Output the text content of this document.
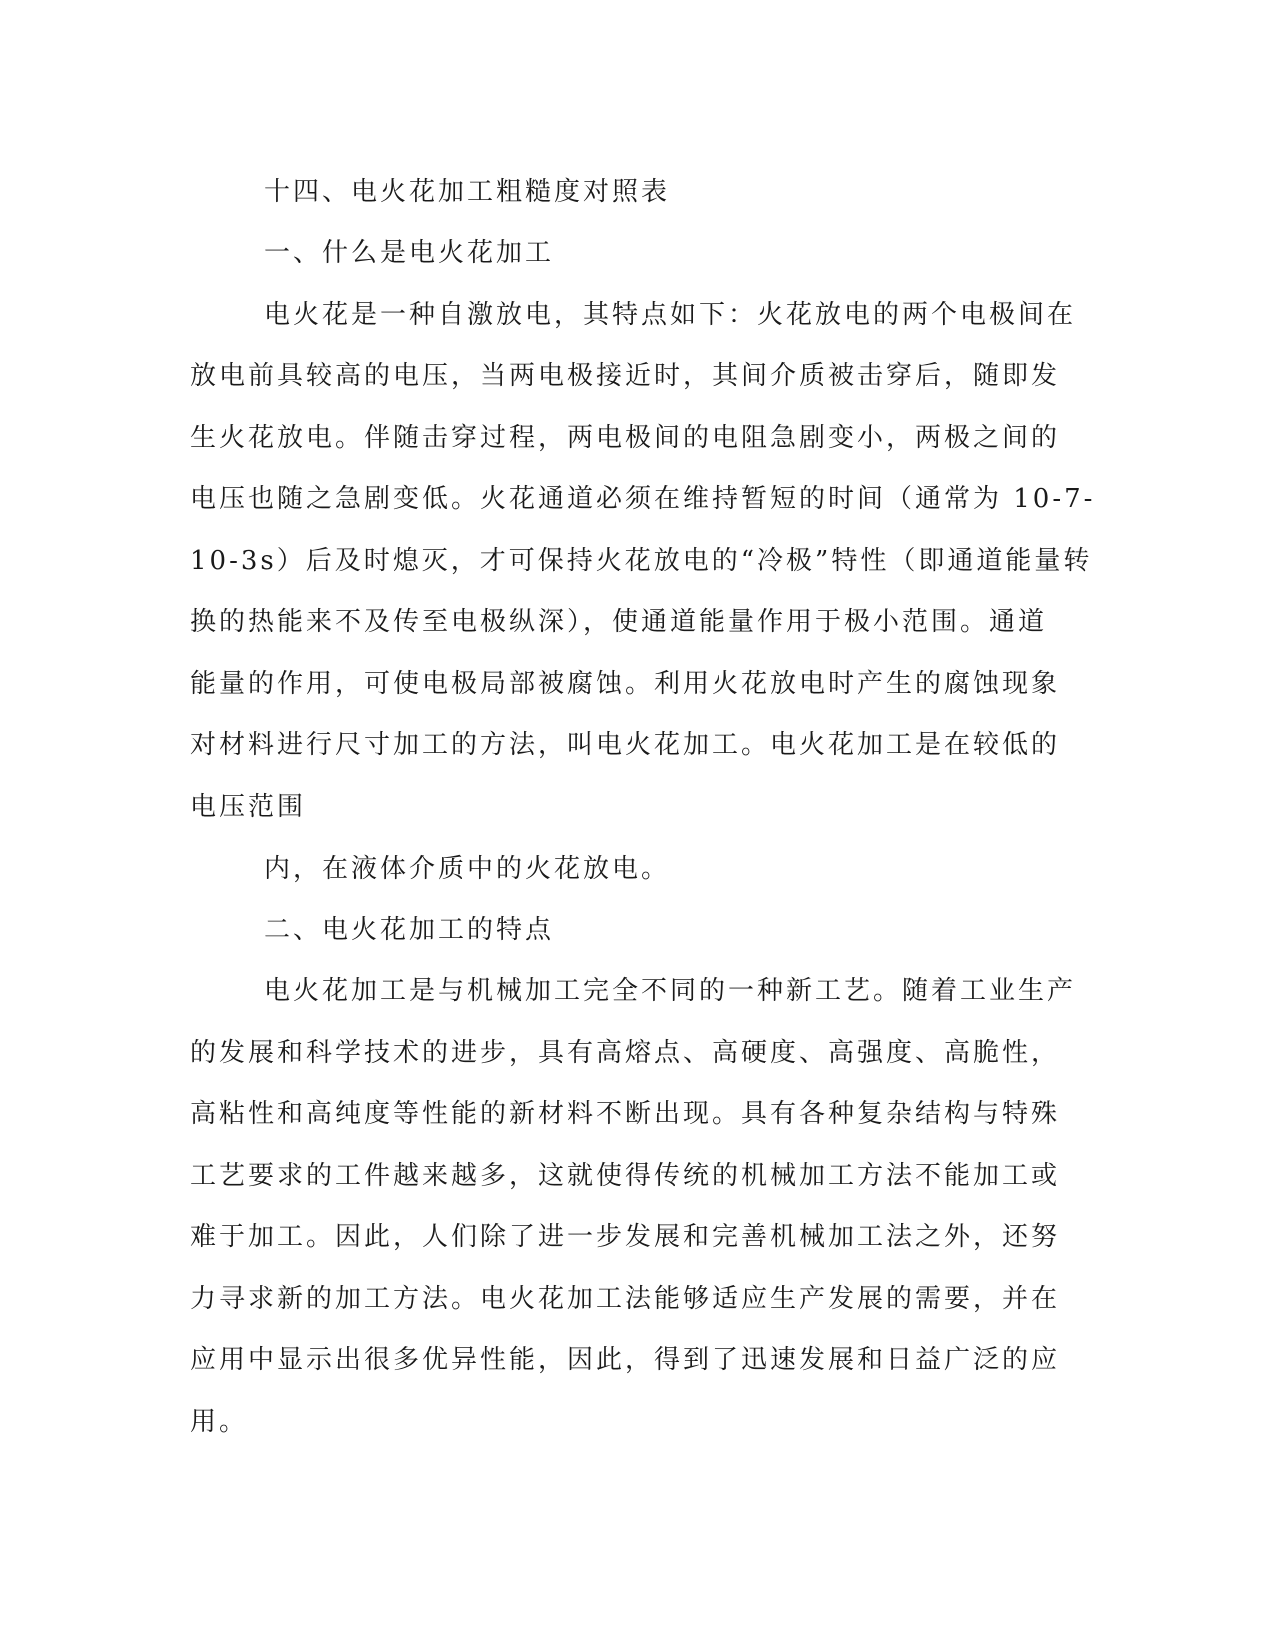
十四、电火花加工粗糙度对照表

一、什么是电火花加工

电火花是一种自激放电，其特点如下：火花放电的两个电极间在

放电前具较高的电压，当两电极接近时，其间介质被击穿后，随即发

生火花放电。伴随击穿过程，两电极间的电阻急剧变小，两极之间的

电压也随之急剧变低。火花通道必须在维持暂短的时间（通常为 10-7-

10-3s）后及时熄灭，才可保持火花放电的“冷极”特性（即通道能量转

换的热能来不及传至电极纵深），使通道能量作用于极小范围。通道

能量的作用，可使电极局部被腐蚀。利用火花放电时产生的腐蚀现象

对材料进行尺寸加工的方法，叫电火花加工。电火花加工是在较低的

电压范围

内，在液体介质中的火花放电。

二、电火花加工的特点

电火花加工是与机械加工完全不同的一种新工艺。随着工业生产

的发展和科学技术的进步，具有高熔点、高硬度、高强度、高脆性，

高粘性和高纯度等性能的新材料不断出现。具有各种复杂结构与特殊

工艺要求的工件越来越多，这就使得传统的机械加工方法不能加工或

难于加工。因此，人们除了进一步发展和完善机械加工法之外，还努

力寻求新的加工方法。电火花加工法能够适应生产发展的需要，并在

应用中显示出很多优异性能，因此，得到了迅速发展和日益广泛的应

用。
